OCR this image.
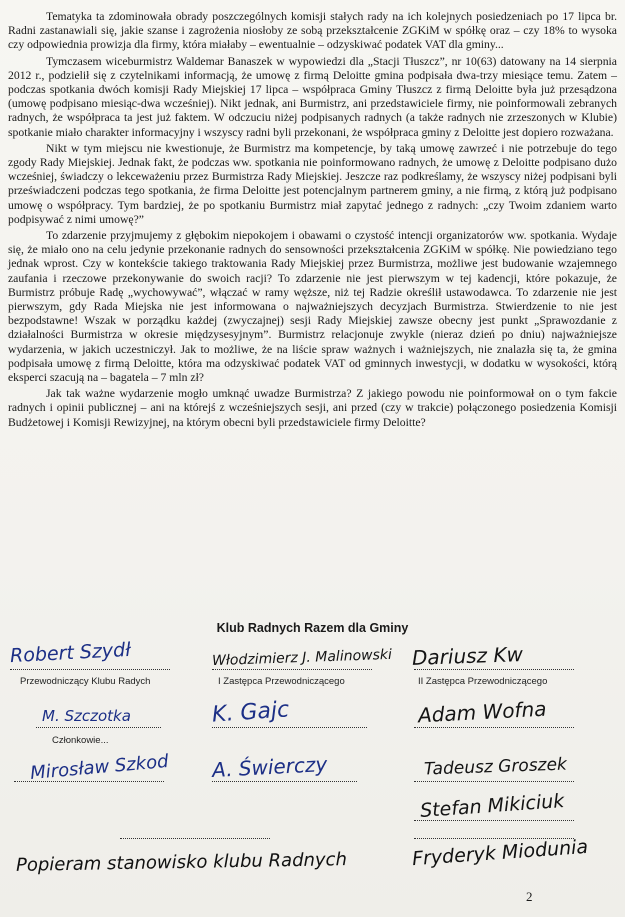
Tematyka ta zdominowała obrady poszczególnych komisji stałych rady na ich kolejnych posiedzeniach po 17 lipca br. Radni zastanawiali się, jakie szanse i zagrożenia niosłoby ze sobą przekształcenie ZGKiM w spółkę oraz – czy 18% to wysoka czy odpowiednia prowizja dla firmy, która miałaby – ewentualnie – odzyskiwać podatek VAT dla gminy...

Tymczasem wiceburmistrz Waldemar Banaszek w wypowiedzi dla „Stacji Tłuszcz”, nr 10(63) datowany na 14 sierpnia 2012 r., podzielił się z czytelnikami informacją, że umowę z firmą Deloitte gmina podpisała dwa-trzy miesiące temu. Zatem – podczas spotkania dwóch komisji Rady Miejskiej 17 lipca – współpraca Gminy Tłuszcz z firmą Deloitte była już przesądzona (umowę podpisano miesiąc-dwa wcześniej). Nikt jednak, ani Burmistrz, ani przedstawiciele firmy, nie poinformowali zebranych radnych, że współpraca ta jest już faktem. W odczuciu niżej podpisanych radnych (a także radnych nie zrzeszonych w Klubie) spotkanie miało charakter informacyjny i wszyscy radni byli przekonani, że współpraca gminy z Deloitte jest dopiero rozważana.

Nikt w tym miejscu nie kwestionuje, że Burmistrz ma kompetencje, by taką umowę zawrzeć i nie potrzebuje do tego zgody Rady Miejskiej. Jednak fakt, że podczas ww. spotkania nie poinformowano radnych, że umowę z Deloitte podpisano dużo wcześniej, świadczy o lekceważeniu przez Burmistrza Rady Miejskiej. Jeszcze raz podkreślamy, że wszyscy niżej podpisani byli przeświadczeni podczas tego spotkania, że firma Deloitte jest potencjalnym partnerem gminy, a nie firmą, z którą już podpisano umowę o współpracy. Tym bardziej, że po spotkaniu Burmistrz miał zapytać jednego z radnych: „czy Twoim zdaniem warto podpisywać z nimi umowę?”

To zdarzenie przyjmujemy z głębokim niepokojem i obawami o czystość intencji organizatorów ww. spotkania. Wydaje się, że miało ono na celu jedynie przekonanie radnych do sensowności przekształcenia ZGKiM w spółkę. Nie powiedziano tego jednak wprost. Czy w kontekście takiego traktowania Rady Miejskiej przez Burmistrza, możliwe jest budowanie wzajemnego zaufania i rzeczowe przekonywanie do swoich racji? To zdarzenie nie jest pierwszym w tej kadencji, które pokazuje, że Burmistrz próbuje Radę „wychowywać”, włączać w ramy węższe, niż tej Radzie określił ustawodawca. To zdarzenie nie jest pierwszym, gdy Rada Miejska nie jest informowana o najważniejszych decyzjach Burmistrza. Stwierdzenie to nie jest bezpodstawne! Wszak w porządku każdej (zwyczajnej) sesji Rady Miejskiej zawsze obecny jest punkt „Sprawozdanie z działalności Burmistrza w okresie międzysesyjnym”. Burmistrz relacjonuje zwykle (nieraz dzień po dniu) najważniejsze wydarzenia, w jakich uczestniczył. Jak to możliwe, że na liście spraw ważnych i ważniejszych, nie znalazła się ta, że gmina podpisała umowę z firmą Deloitte, która ma odzyskiwać podatek VAT od gminnych inwestycji, w dodatku w wysokości, którą eksperci szacują na – bagatela – 7 mln zł?

Jak tak ważne wydarzenie mogło umknąć uwadze Burmistrza? Z jakiego powodu nie poinformował on o tym fakcie radnych i opinii publicznej – ani na którejś z wcześniejszych sesji, ani przed (czy w trakcie) połączonego posiedzenia Komisji Budżetowej i Komisji Rewizyjnej, na którym obecni byli przedstawiciele firmy Deloitte?

Klub Radnych Razem dla Gminy
Robert Szydł
Przewodniczący Klubu Radych
Włodzimierz J. Malinowski
I Zastępca Przewodniczącego
Dariusz Kw
II Zastępca Przewodniczącego
M. Szczotka
Członkowie...
K. Gajc	Adam Wofna
Mirosław Szkod A. Świerczy	Tadeusz Groszek
Stefan Mikiciuk
Popieram stanowisko klubu Radnych	Fryderyk Miodunia
2
